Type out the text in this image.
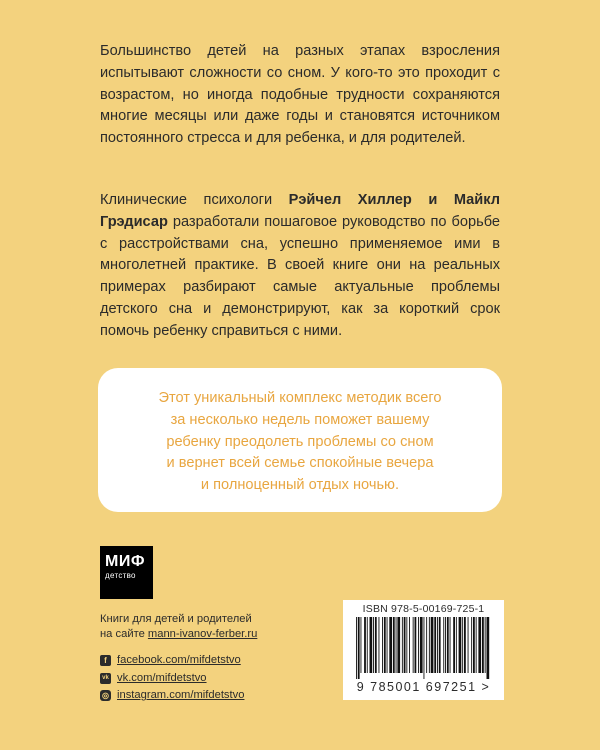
Большинство детей на разных этапах взросления испытывают сложности со сном. У кого-то это проходит с возрастом, но иногда подобные трудности сохраняются многие месяцы или даже годы и становятся источником постоянного стресса и для ребенка, и для родителей.
Клинические психологи Рэйчел Хиллер и Майкл Грэдисар разработали пошаговое руководство по борьбе с расстройствами сна, успешно применяемое ими в многолетней практике. В своей книге они на реальных примерах разбирают самые актуальные проблемы детского сна и демонстрируют, как за короткий срок помочь ребенку справиться с ними.
Этот уникальный комплекс методик всего
за несколько недель поможет вашему
ребенку преодолеть проблемы со сном
и вернет всей семье спокойные вечера
и полноценный отдых ночью.
МИФ
детство
Книги для детей и родителей
на сайте mann-ivanov-ferber.ru
f facebook.com/mifdetstvo
vk vk.com/mifdetstvo
◎ instagram.com/mifdetstvo
ISBN 978-5-00169-725-1
9 785001 697251 >
